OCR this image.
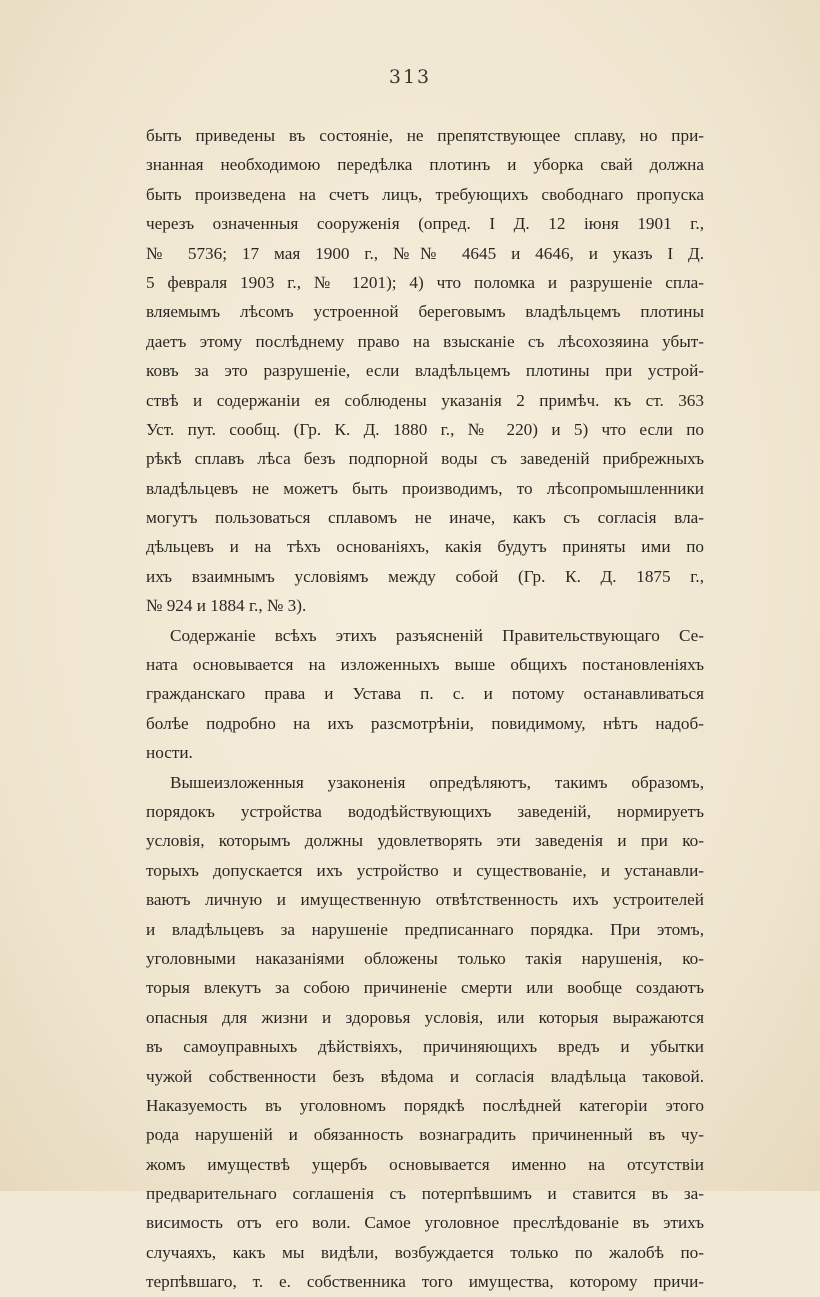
313
быть приведены въ состояніе, не препятствующее сплаву, но при-
знанная необходимою передѣлка плотинъ и уборка свай должна
быть произведена на счетъ лицъ, требующихъ свободнаго пропуска
черезъ означенныя сооруженія (опред. I Д. 12 іюня 1901 г.,
№ 5736; 17 мая 1900 г., №№ 4645 и 4646, и указъ I Д.
5 февраля 1903 г., № 1201); 4) что поломка и разрушеніе спла-
вляемымъ лѣсомъ устроенной береговымъ владѣльцемъ плотины
даетъ этому послѣднему право на взысканіе съ лѣсохозяина убыт-
ковъ за это разрушеніе, если владѣльцемъ плотины при устрой-
ствѣ и содержаніи ея соблюдены указанія 2 примѣч. къ ст. 363
Уст. пут. сообщ. (Гр. К. Д. 1880 г., № 220) и 5) что если по
рѣкѣ сплавъ лѣса безъ подпорной воды съ заведеній прибрежныхъ
владѣльцевъ не можетъ быть производимъ, то лѣсопромышленники
могутъ пользоваться сплавомъ не иначе, какъ съ согласія вла-
дѣльцевъ и на тѣхъ основаніяхъ, какія будутъ приняты ими по
ихъ взаимнымъ условіямъ между собой (Гр. К. Д. 1875 г.,
№ 924 и 1884 г., № 3).
Содержаніе всѣхъ этихъ разъясненій Правительствующаго Се-
ната основывается на изложенныхъ выше общихъ постановленіяхъ
гражданскаго права и Устава п. с. и потому останавливаться
болѣе подробно на ихъ разсмотрѣніи, повидимому, нѣтъ надоб-
ности.
Вышеизложенныя узаконенія опредѣляютъ, такимъ образомъ,
порядокъ устройства вододѣйствующихъ заведеній, нормируетъ
условія, которымъ должны удовлетворять эти заведенія и при ко-
торыхъ допускается ихъ устройство и существованіе, и устанавли-
ваютъ личную и имущественную отвѣтственность ихъ устроителей
и владѣльцевъ за нарушеніе предписаннаго порядка. При этомъ,
уголовными наказаніями обложены только такія нарушенія, ко-
торыя влекутъ за собою причиненіе смерти или вообще создаютъ
опасныя для жизни и здоровья условія, или которыя выражаются
въ самоуправныхъ дѣйствіяхъ, причиняющихъ вредъ и убытки
чужой собственности безъ вѣдома и согласія владѣльца таковой.
Наказуемость въ уголовномъ порядкѣ послѣдней категоріи этого
рода нарушеній и обязанность вознаградить причиненный въ чу-
жомъ имуществѣ ущербъ основывается именно на отсутствіи
предварительнаго соглашенія съ потерпѣвшимъ и ставится въ за-
висимость отъ его воли. Самое уголовное преслѣдованіе въ этихъ
случаяхъ, какъ мы видѣли, возбуждается только по жалобѣ по-
терпѣвшаго, т. е. собственника того имущества, которому причи-
